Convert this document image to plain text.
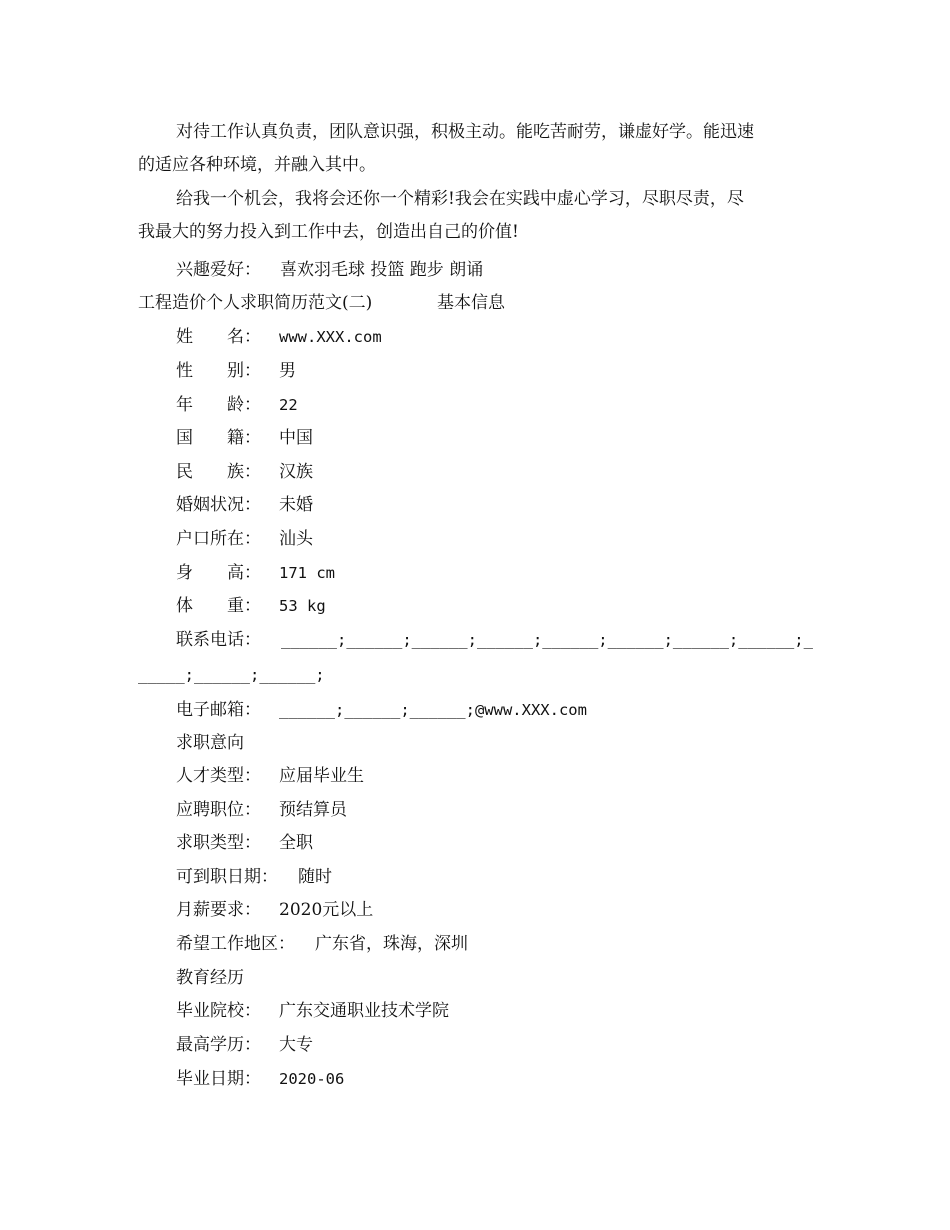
对待工作认真负责，团队意识强，积极主动。能吃苦耐劳，谦虚好学。能迅速
的适应各种环境，并融入其中。
给我一个机会，我将会还你一个精彩!我会在实践中虚心学习，尽职尽责，尽
我最大的努力投入到工作中去，创造出自己的价值!
兴趣爱好： 喜欢羽毛球 投篮 跑步 朗诵
工程造价个人求职简历范文(二)	基本信息
姓　　名： www.XXX.com
性　　别： 男
年　　龄： 22
国　　籍： 中国
民　　族： 汉族
婚姻状况： 未婚
户口所在： 汕头
身　　高： 171 cm
体　　重： 53 kg
联系电话： ______;______;______;______;______;______;______;______;_
_____;______;______;
电子邮箱： ______;______;______;@www.XXX.com
求职意向
人才类型： 应届毕业生
应聘职位： 预结算员
求职类型： 全职
可到职日期： 随时
月薪要求： 2020元以上
希望工作地区： 广东省，珠海，深圳
教育经历
毕业院校： 广东交通职业技术学院
最高学历： 大专
毕业日期： 2020-06
